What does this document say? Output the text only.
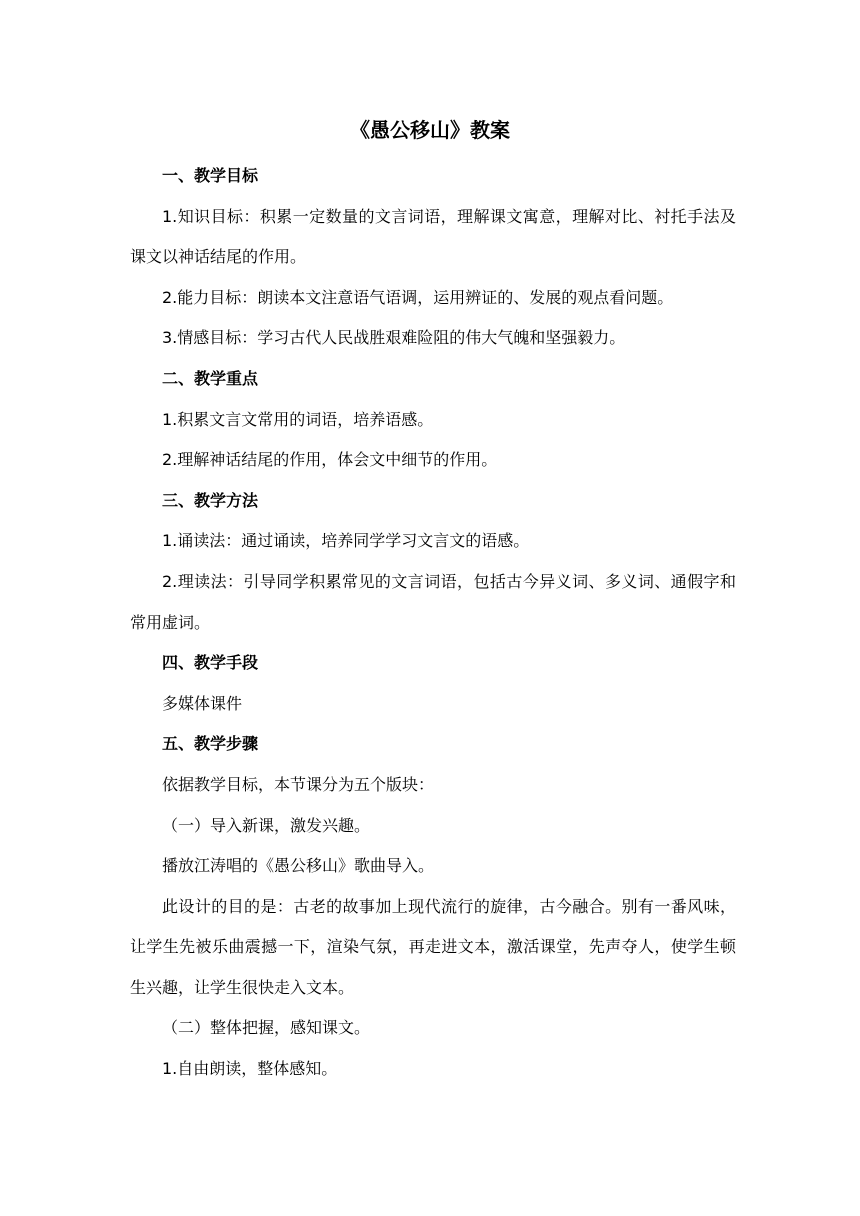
《愚公移山》教案

一、教学目标

1.知识目标：积累一定数量的文言词语，理解课文寓意，理解对比、衬托手法及课文以神话结尾的作用。

2.能力目标：朗读本文注意语气语调，运用辨证的、发展的观点看问题。

3.情感目标：学习古代人民战胜艰难险阻的伟大气魄和坚强毅力。

二、教学重点

1.积累文言文常用的词语，培养语感。

2.理解神话结尾的作用，体会文中细节的作用。

三、教学方法

1.诵读法：通过诵读，培养同学学习文言文的语感。

2.理读法：引导同学积累常见的文言词语，包括古今异义词、多义词、通假字和常用虚词。

四、教学手段

多媒体课件

五、教学步骤

依据教学目标，本节课分为五个版块：

（一）导入新课，激发兴趣。

播放江涛唱的《愚公移山》歌曲导入。

此设计的目的是：古老的故事加上现代流行的旋律，古今融合。别有一番风味，让学生先被乐曲震撼一下，渲染气氛，再走进文本，激活课堂，先声夺人，使学生顿生兴趣，让学生很快走入文本。

（二）整体把握，感知课文。

1.自由朗读，整体感知。
